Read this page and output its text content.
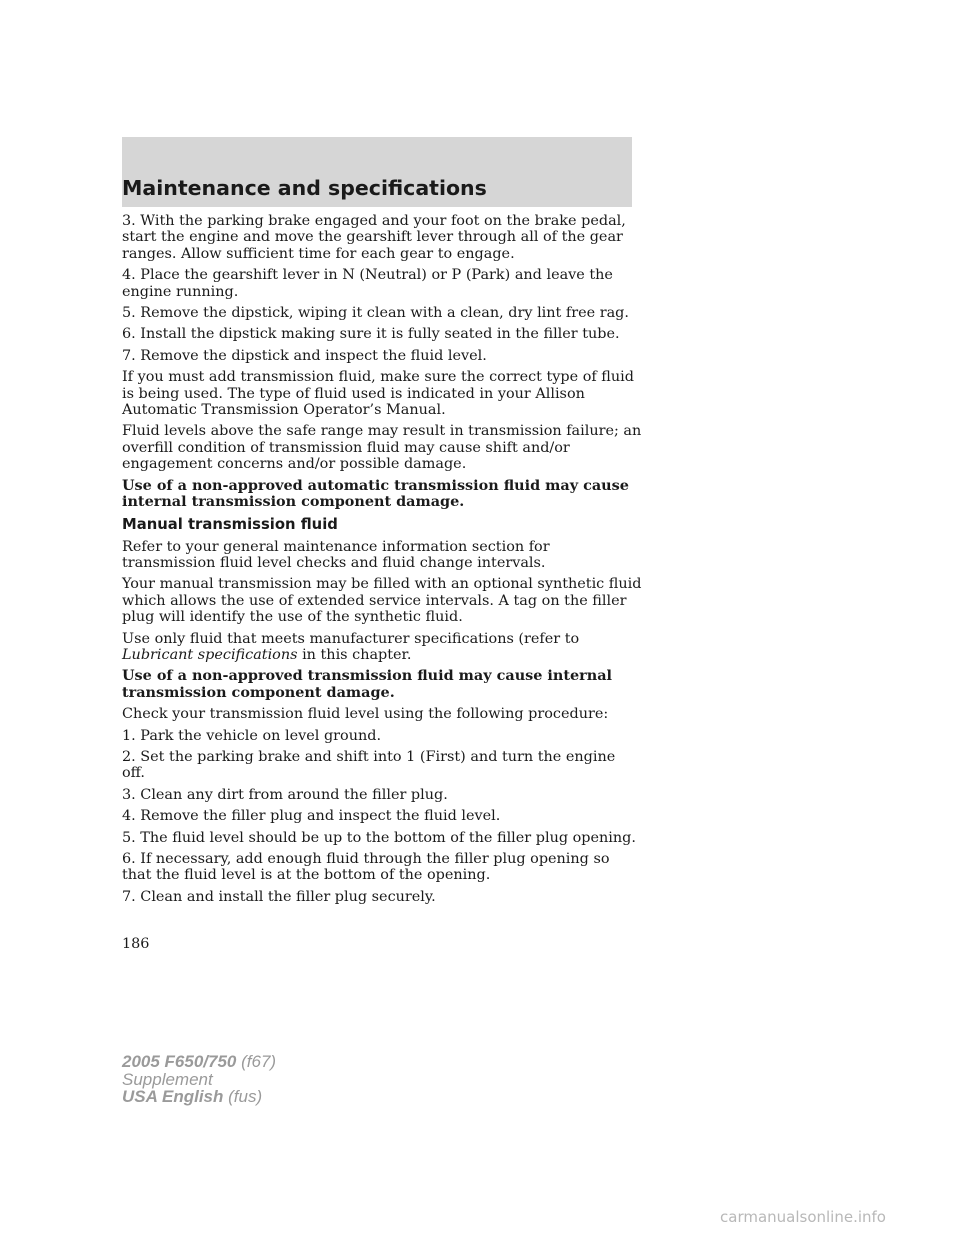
Maintenance and specifications

3. With the parking brake engaged and your foot on the brake pedal, start the engine and move the gearshift lever through all of the gear ranges. Allow sufficient time for each gear to engage.

4. Place the gearshift lever in N (Neutral) or P (Park) and leave the engine running.

5. Remove the dipstick, wiping it clean with a clean, dry lint free rag.

6. Install the dipstick making sure it is fully seated in the filler tube.

7. Remove the dipstick and inspect the fluid level.

If you must add transmission fluid, make sure the correct type of fluid is being used. The type of fluid used is indicated in your Allison Automatic Transmission Operator’s Manual.

Fluid levels above the safe range may result in transmission failure; an overfill condition of transmission fluid may cause shift and/or engagement concerns and/or possible damage.

Use of a non-approved automatic transmission fluid may cause internal transmission component damage.

Manual transmission fluid

Refer to your general maintenance information section for transmission fluid level checks and fluid change intervals.

Your manual transmission may be filled with an optional synthetic fluid which allows the use of extended service intervals. A tag on the filler plug will identify the use of the synthetic fluid.

Use only fluid that meets manufacturer specifications (refer to Lubricant specifications in this chapter.

Use of a non-approved transmission fluid may cause internal transmission component damage.

Check your transmission fluid level using the following procedure:

1. Park the vehicle on level ground.

2. Set the parking brake and shift into 1 (First) and turn the engine off.

3. Clean any dirt from around the filler plug.

4. Remove the filler plug and inspect the fluid level.

5. The fluid level should be up to the bottom of the filler plug opening.

6. If necessary, add enough fluid through the filler plug opening so that the fluid level is at the bottom of the opening.

7. Clean and install the filler plug securely.

186
2005 F650/750 (f67)
Supplement
USA English (fus)
carmanualsonline.info
